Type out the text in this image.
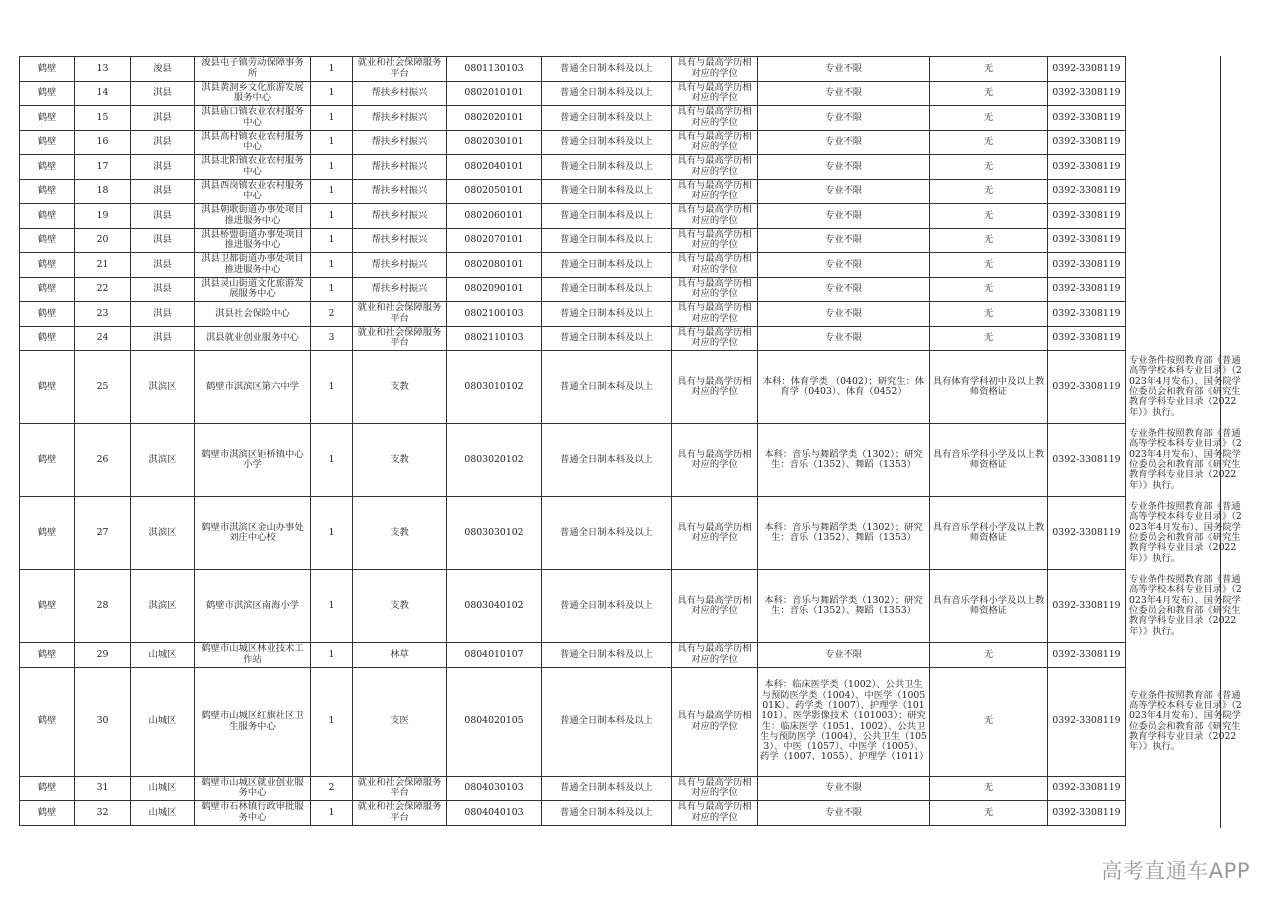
鹤壁	13	浚县	浚县屯子镇劳动保障事务所	1	就业和社会保障服务平台	0801130103	普通全日制本科及以上	具有与最高学历相对应的学位	专业不限	无	0392-3308119	
鹤壁	14	淇县	淇县黄洞乡文化旅游发展服务中心	1	帮扶乡村振兴	0802010101	普通全日制本科及以上	具有与最高学历相对应的学位	专业不限	无	0392-3308119	
鹤壁	15	淇县	淇县庙口镇农业农村服务中心	1	帮扶乡村振兴	0802020101	普通全日制本科及以上	具有与最高学历相对应的学位	专业不限	无	0392-3308119	
鹤壁	16	淇县	淇县高村镇农业农村服务中心	1	帮扶乡村振兴	0802030101	普通全日制本科及以上	具有与最高学历相对应的学位	专业不限	无	0392-3308119	
鹤壁	17	淇县	淇县北阳镇农业农村服务中心	1	帮扶乡村振兴	0802040101	普通全日制本科及以上	具有与最高学历相对应的学位	专业不限	无	0392-3308119	
鹤壁	18	淇县	淇县西岗镇农业农村服务中心	1	帮扶乡村振兴	0802050101	普通全日制本科及以上	具有与最高学历相对应的学位	专业不限	无	0392-3308119	
鹤壁	19	淇县	淇县朝歌街道办事处项目推进服务中心	1	帮扶乡村振兴	0802060101	普通全日制本科及以上	具有与最高学历相对应的学位	专业不限	无	0392-3308119	
鹤壁	20	淇县	淇县桥盟街道办事处项目推进服务中心	1	帮扶乡村振兴	0802070101	普通全日制本科及以上	具有与最高学历相对应的学位	专业不限	无	0392-3308119	
鹤壁	21	淇县	淇县卫都街道办事处项目推进服务中心	1	帮扶乡村振兴	0802080101	普通全日制本科及以上	具有与最高学历相对应的学位	专业不限	无	0392-3308119	
鹤壁	22	淇县	淇县灵山街道文化旅游发展服务中心	1	帮扶乡村振兴	0802090101	普通全日制本科及以上	具有与最高学历相对应的学位	专业不限	无	0392-3308119	
鹤壁	23	淇县	淇县社会保险中心	2	就业和社会保障服务平台	0802100103	普通全日制本科及以上	具有与最高学历相对应的学位	专业不限	无	0392-3308119	
鹤壁	24	淇县	淇县就业创业服务中心	3	就业和社会保障服务平台	0802110103	普通全日制本科及以上	具有与最高学历相对应的学位	专业不限	无	0392-3308119	
鹤壁	25	淇滨区	鹤壁市淇滨区第六中学	1	支教	0803010102	普通全日制本科及以上	具有与最高学历相对应的学位	本科：体育学类 （0402）；研究生：体育学（0403）、体育（0452）	具有体育学科初中及以上教师资格证	0392-3308119	专业条件按照教育部《普通高等学校本科专业目录》（2023年4月发布）、国务院学位委员会和教育部《研究生教育学科专业目录（2022年）》执行。
鹤壁	26	淇滨区	鹤壁市淇滨区钜桥镇中心小学	1	支教	0803020102	普通全日制本科及以上	具有与最高学历相对应的学位	本科：音乐与舞蹈学类（1302）；研究生：音乐（1352）、舞蹈（1353）	具有音乐学科小学及以上教师资格证	0392-3308119	专业条件按照教育部《普通高等学校本科专业目录》（2023年4月发布）、国务院学位委员会和教育部《研究生教育学科专业目录（2022年）》执行。
鹤壁	27	淇滨区	鹤壁市淇滨区金山办事处刘庄中心校	1	支教	0803030102	普通全日制本科及以上	具有与最高学历相对应的学位	本科：音乐与舞蹈学类（1302）；研究生：音乐（1352）、舞蹈（1353）	具有音乐学科小学及以上教师资格证	0392-3308119	专业条件按照教育部《普通高等学校本科专业目录》（2023年4月发布）、国务院学位委员会和教育部《研究生教育学科专业目录（2022年）》执行。
鹤壁	28	淇滨区	鹤壁市淇滨区南海小学	1	支教	0803040102	普通全日制本科及以上	具有与最高学历相对应的学位	本科：音乐与舞蹈学类（1302）；研究生：音乐（1352）、舞蹈（1353）	具有音乐学科小学及以上教师资格证	0392-3308119	专业条件按照教育部《普通高等学校本科专业目录》（2023年4月发布）、国务院学位委员会和教育部《研究生教育学科专业目录（2022年）》执行。
鹤壁	29	山城区	鹤壁市山城区林业技术工作站	1	林草	0804010107	普通全日制本科及以上	具有与最高学历相对应的学位	专业不限	无	0392-3308119	
鹤壁	30	山城区	鹤壁市山城区红旗社区卫生服务中心	1	支医	0804020105	普通全日制本科及以上	具有与最高学历相对应的学位	本科：临床医学类（1002）、公共卫生与预防医学类（1004）、中医学（100501K）、药学类（1007）、护理学（101101）、医学影像技术（101003）；研究生：临床医学（1051、1002）、公共卫生与预防医学（1004）、公共卫生（1053）、中医（1057）、中医学（1005）、药学（1007、1055）、护理学（1011）	无	0392-3308119	专业条件按照教育部《普通高等学校本科专业目录》（2023年4月发布）、国务院学位委员会和教育部《研究生教育学科专业目录（2022年）》执行。
鹤壁	31	山城区	鹤壁市山城区就业创业服务中心	2	就业和社会保障服务平台	0804030103	普通全日制本科及以上	具有与最高学历相对应的学位	专业不限	无	0392-3308119	
鹤壁	32	山城区	鹤壁市石林镇行政审批服务中心	1	就业和社会保障服务平台	0804040103	普通全日制本科及以上	具有与最高学历相对应的学位	专业不限	无	0392-3308119	
高考直通车APP
